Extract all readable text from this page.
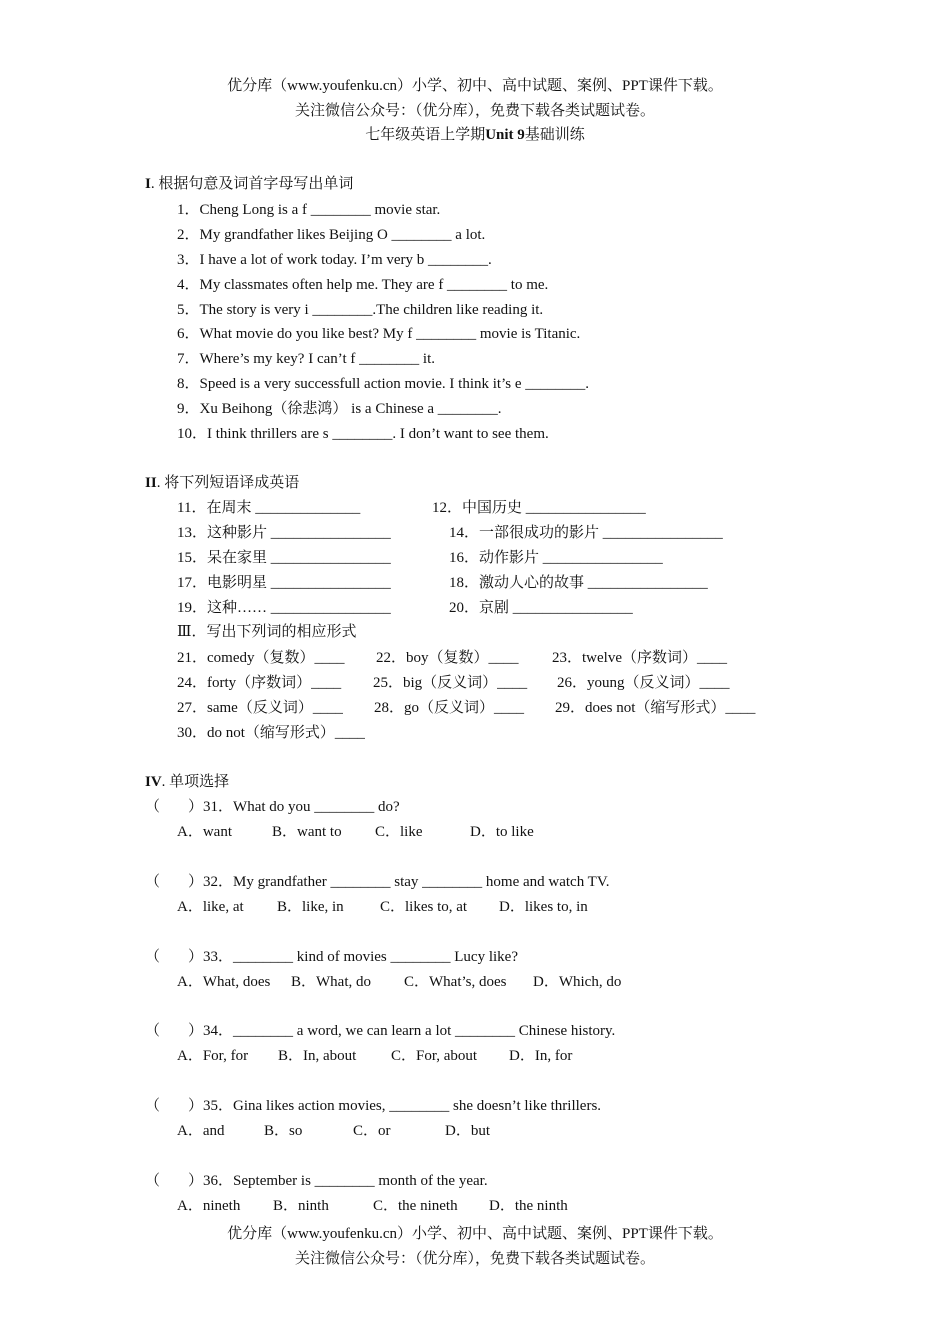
优分库（www.youfenku.cn）小学、初中、高中试题、案例、PPT课件下载。
关注微信公众号：（优分库），免费下载各类试题试卷。
七年级英语上学期Unit 9基础训练
I. 根据句意及词首字母写出单词
1．Cheng Long is a f ________ movie star.
2．My grandfather likes Beijing O ________ a lot.
3．I have a lot of work today. I’m very b ________.
4．My classmates often help me. They are f ________ to me.
5．The story is very i ________.The children like reading it.
6．What movie do you like best? My f ________ movie is Titanic.
7．Where’s my key? I can’t f ________ it.
8．Speed is a very successfull action movie. I think it’s e ________.
9．Xu Beihong（徐悲鸿） is a Chinese a ________.
10．I think thrillers are s ________. I don’t want to see them.
II. 将下列短语译成英语
11．在周末 ______________	12．中国历史 ________________
13．这种影片 ________________	14．一部很成功的影片 ________________
15．呆在家里 ________________	16．动作影片 ________________
17．电影明星 ________________	18．激动人心的故事 ________________
19．这种…… ________________	20．京剧 ________________
Ⅲ．写出下列词的相应形式
21．comedy（复数）____ 22．boy（复数）____ 23．twelve（序数词）____
24．forty（序数词）____ 25．big（反义词）____ 26．young（反义词）____
27．same（反义词）____ 28．go（反义词）____ 29．does not（缩写形式）____
30．do not（缩写形式）____
IV. 单项选择
（ ）31．What do you ________ do?
A．want	B．want to C．like	D．to like
（ ）32．My grandfather ________ stay ________ home and watch TV.
A．like, at B．like, in C．likes to, at D．likes to, in
（ ）33．________ kind of movies ________ Lucy like?
A．What, does B．What, do C．What’s, does D．Which, do
（ ）34．________ a word, we can learn a lot ________ Chinese history.
A．For, for B．In, about C．For, about D．In, for
（ ）35．Gina likes action movies, ________ she doesn’t like thrillers.
A．and	B．so	C．or	D．but
（ ）36．September is ________ month of the year.
A．nineth B．ninth	C．the nineth D．the ninth
优分库（www.youfenku.cn）小学、初中、高中试题、案例、PPT课件下载。
关注微信公众号：（优分库），免费下载各类试题试卷。
